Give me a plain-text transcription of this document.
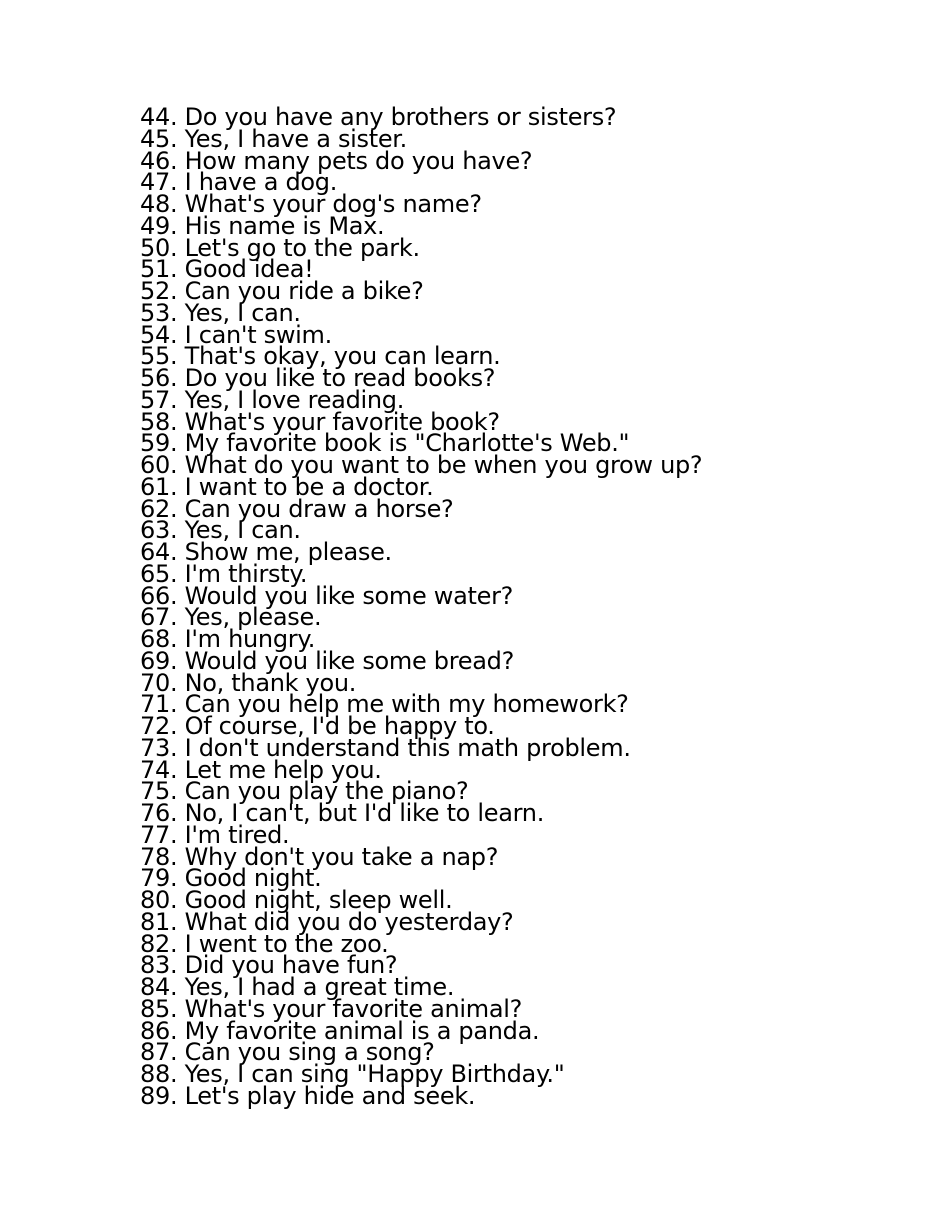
44. Do you have any brothers or sisters?

45. Yes, I have a sister.

46. How many pets do you have?

47. I have a dog.

48. What's your dog's name?

49. His name is Max.

50. Let's go to the park.

51. Good idea!

52. Can you ride a bike?

53. Yes, I can.

54. I can't swim.

55. That's okay, you can learn.

56. Do you like to read books?

57. Yes, I love reading.

58. What's your favorite book?

59. My favorite book is "Charlotte's Web."

60. What do you want to be when you grow up?

61. I want to be a doctor.

62. Can you draw a horse?

63. Yes, I can.

64. Show me, please.

65. I'm thirsty.

66. Would you like some water?

67. Yes, please.

68. I'm hungry.

69. Would you like some bread?

70. No, thank you.

71. Can you help me with my homework?

72. Of course, I'd be happy to.

73. I don't understand this math problem.

74. Let me help you.

75. Can you play the piano?

76. No, I can't, but I'd like to learn.

77. I'm tired.

78. Why don't you take a nap?

79. Good night.

80. Good night, sleep well.

81. What did you do yesterday?

82. I went to the zoo.

83. Did you have fun?

84. Yes, I had a great time.

85. What's your favorite animal?

86. My favorite animal is a panda.

87. Can you sing a song?

88. Yes, I can sing "Happy Birthday."

89. Let's play hide and seek.
